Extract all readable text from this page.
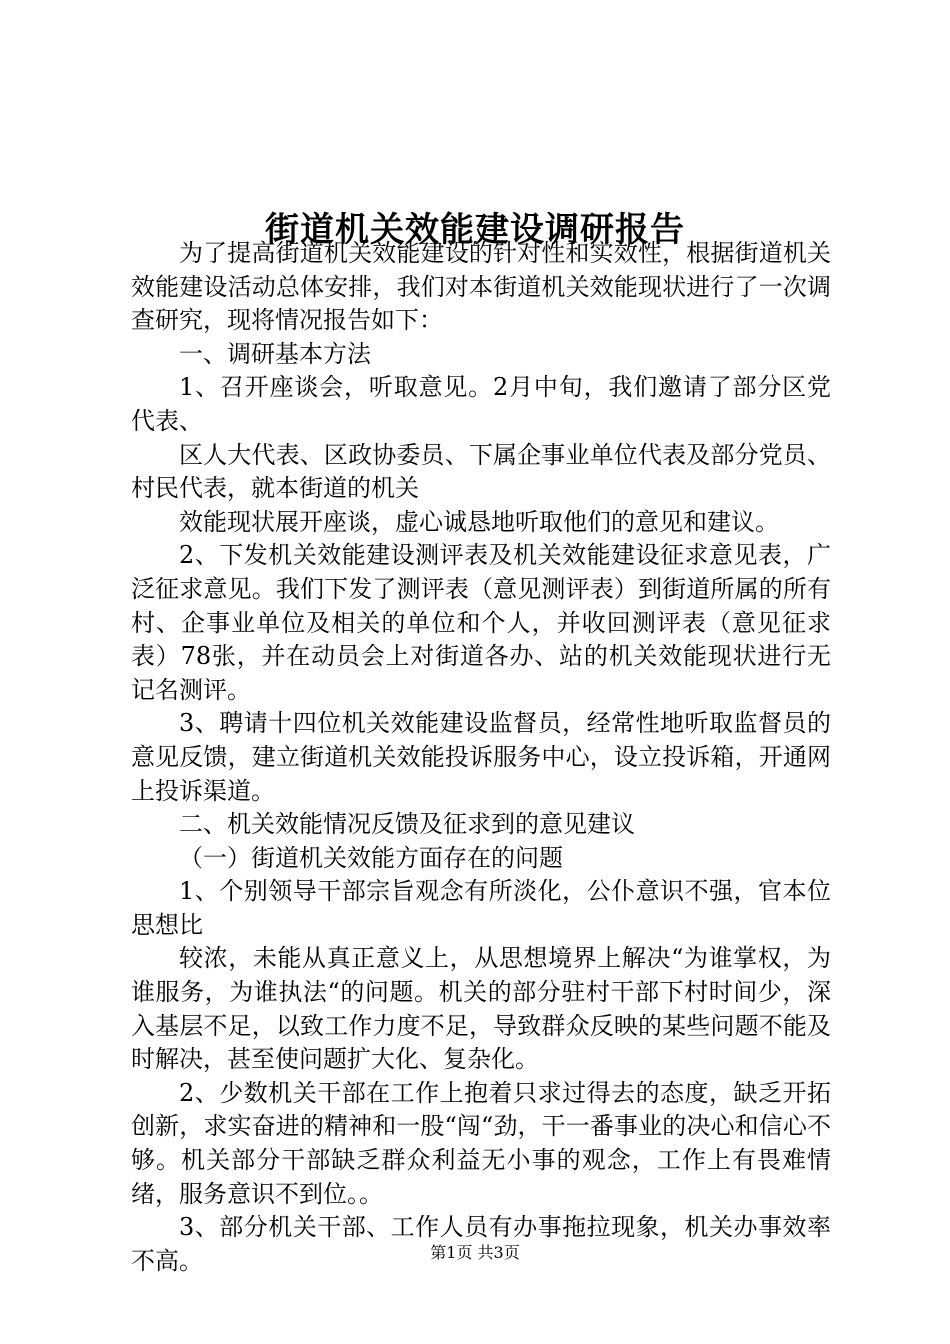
街道机关效能建设调研报告

为了提高街道机关效能建设的针对性和实效性，根据街道机关效能建设活动总体安排，我们对本街道机关效能现状进行了一次调查研究，现将情况报告如下：

一、调研基本方法

1、召开座谈会，听取意见。2月中旬，我们邀请了部分区党代表、

区人大代表、区政协委员、下属企事业单位代表及部分党员、村民代表，就本街道的机关

效能现状展开座谈，虚心诚恳地听取他们的意见和建议。

2、下发机关效能建设测评表及机关效能建设征求意见表，广泛征求意见。我们下发了测评表（意见测评表）到街道所属的所有村、企事业单位及相关的单位和个人，并收回测评表（意见征求表）78张，并在动员会上对街道各办、站的机关效能现状进行无记名测评。

3、聘请十四位机关效能建设监督员，经常性地听取监督员的意见反馈，建立街道机关效能投诉服务中心，设立投诉箱，开通网上投诉渠道。

二、机关效能情况反馈及征求到的意见建议

（一）街道机关效能方面存在的问题

1、个别领导干部宗旨观念有所淡化，公仆意识不强，官本位思想比

较浓，未能从真正意义上，从思想境界上解决“为谁掌权，为谁服务，为谁执法“的问题。机关的部分驻村干部下村时间少，深入基层不足，以致工作力度不足，导致群众反映的某些问题不能及时解决，甚至使问题扩大化、复杂化。

2、少数机关干部在工作上抱着只求过得去的态度，缺乏开拓创新，求实奋进的精神和一股“闯“劲，干一番事业的决心和信心不够。机关部分干部缺乏群众利益无小事的观念，工作上有畏难情绪，服务意识不到位。。

3、部分机关干部、工作人员有办事拖拉现象，机关办事效率不高。	第1页 共3页
